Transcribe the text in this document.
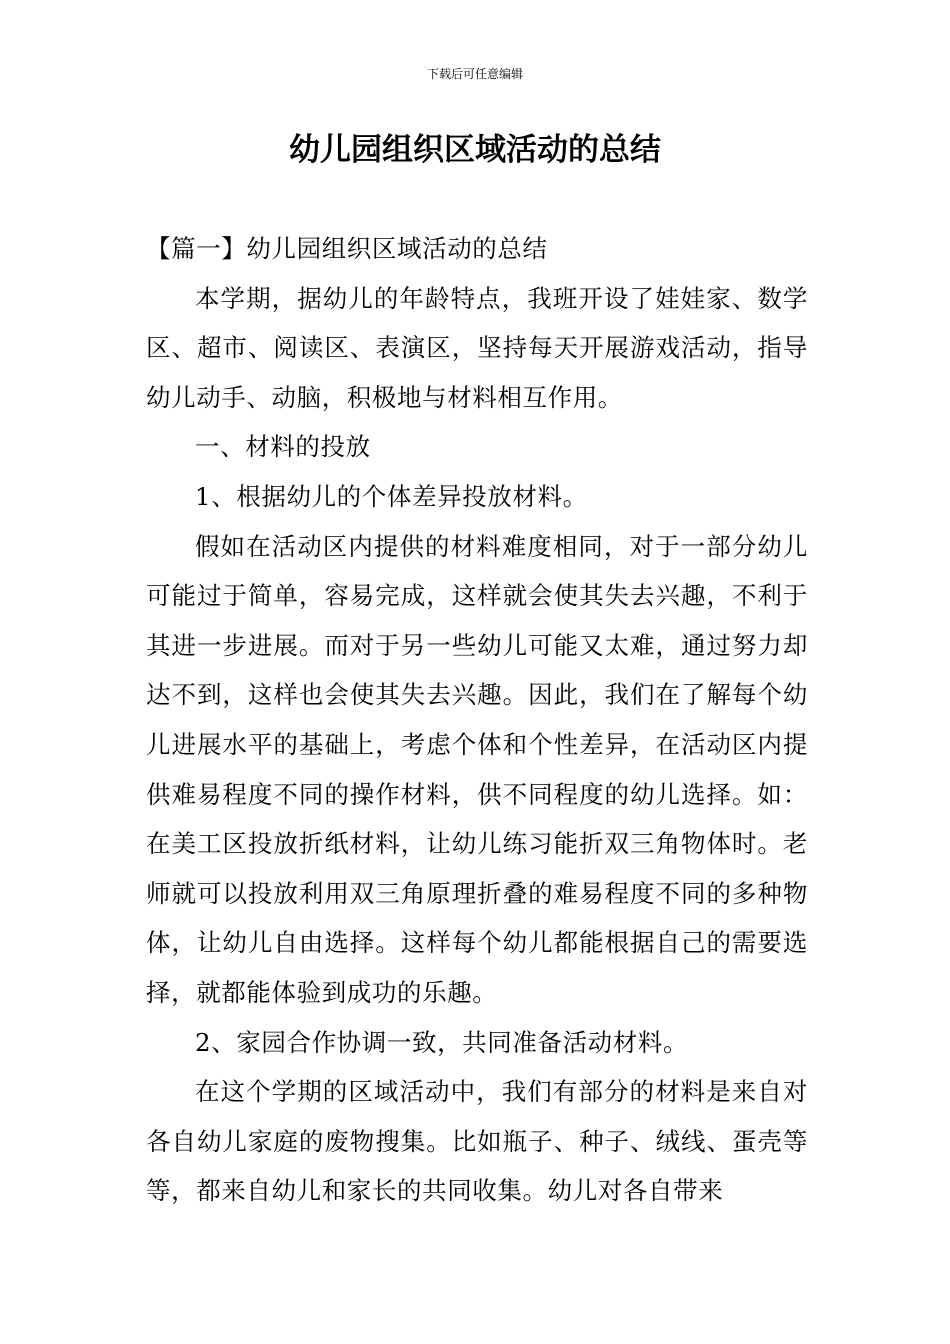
下载后可任意编辑
幼儿园组织区域活动的总结

【篇一】幼儿园组织区域活动的总结

本学期，据幼儿的年龄特点，我班开设了娃娃家、数学区、超市、阅读区、表演区，坚持每天开展游戏活动，指导幼儿动手、动脑，积极地与材料相互作用。

一、材料的投放

1、根据幼儿的个体差异投放材料。

假如在活动区内提供的材料难度相同，对于一部分幼儿可能过于简单，容易完成，这样就会使其失去兴趣，不利于其进一步进展。而对于另一些幼儿可能又太难，通过努力却达不到，这样也会使其失去兴趣。因此，我们在了解每个幼儿进展水平的基础上，考虑个体和个性差异，在活动区内提供难易程度不同的操作材料，供不同程度的幼儿选择。如：在美工区投放折纸材料，让幼儿练习能折双三角物体时。老师就可以投放利用双三角原理折叠的难易程度不同的多种物体，让幼儿自由选择。这样每个幼儿都能根据自己的需要选择，就都能体验到成功的乐趣。

2、家园合作协调一致，共同准备活动材料。

在这个学期的区域活动中，我们有部分的材料是来自对各自幼儿家庭的废物搜集。比如瓶子、种子、绒线、蛋壳等等，都来自幼儿和家长的共同收集。幼儿对各自带来
